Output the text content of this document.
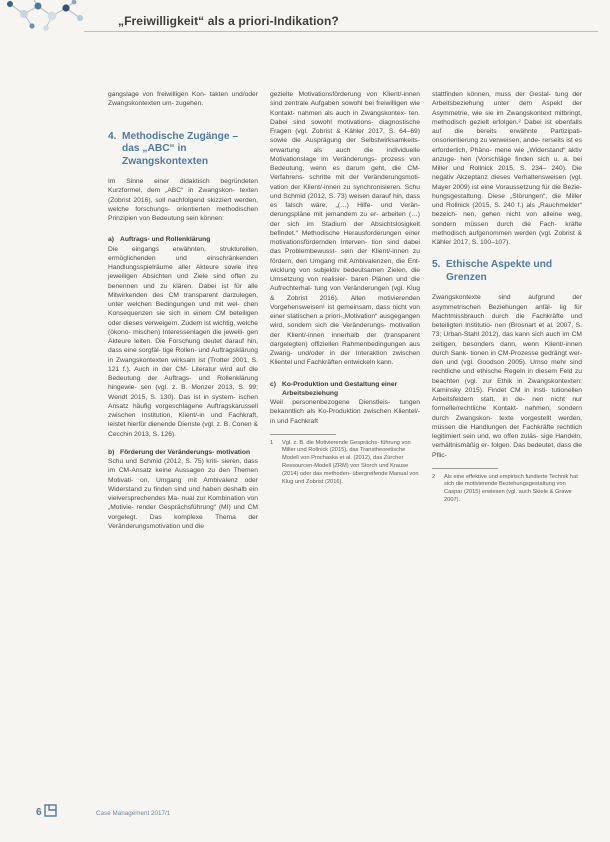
„Freiwilligkeit“ als a priori-Indikation?

gangslage von freiwilligen Kon- takten und/oder Zwangskontexten um- zugehen.

4. Methodische Zugänge – das „ABC“ in Zwangskontexten

Im Sinne einer didaktisch begründeten Kurzformel, dem „ABC“ in Zwangskon- texten (Zobrist 2016), soll nachfolgend skizziert werden, welche forschungs- orientierten methodischen Prinzipien von Bedeutung sein können:

a) Auftrags- und Rollenklärung

Die eingangs erwähnten, strukturellen, ermöglichenden und einschränkenden Handlungsspielräume aller Akteure sowie ihre jeweiligen Absichten und Ziele sind offen zu benennen und zu klären. Dabei ist für alle Mitwirkenden des CM transparent darzulegen, unter welchen Bedingungen und mit wel- chen Konsequenzen sie sich in einem CM beteiligen oder dieses verweigern. Zudem ist wichtig, welche (ökono- mischen) Interessenlagen die jeweili- gen Akteure leiten. Die Forschung deutet darauf hin, dass eine sorgfäl- tige Rollen- und Auftragsklärung in Zwangskontexten wirksam ist (Trotter 2001, S. 121 f.). Auch in der CM- Literatur wird auf die Bedeutung der Auftrags- und Rollenklärung hingewie- sen (vgl. z. B. Monzer 2013, S. 99; Wendt 2015, S. 130). Das ist in system- ischen Ansatz häufig vorgeschlagene Auftragskarussell zwischen Institution, Klient/-in und Fachkraft, leistet hierfür dienende Dienste (vgl. z. B. Conen & Cecchin 2013, S. 126).

b) Förderung der Veränderungs- motivation

Schu und Schmid (2012, S. 75) kriti- sieren, dass im CM-Ansatz keine Aussagen zu den Themen Motivati- on, Umgang mit Ambivalenz oder Widerstand zu finden sind und haben deshalb ein vielversprechendes Ma- nual zur Kombination von „Motivie- render Gesprächsführung“ (MI) und CM vorgelegt. Das komplexe Thema der Veränderungsmotivation und die

gezielte Motivationsförderung von Klient/-innen sind zentrale Aufgaben sowohl bei freiwilligen wie Kontakt- nahmen als auch in Zwangskontex- ten. Dabei sind sowohl motivations- diagnostische Fragen (vgl. Zobrist & Kähler 2017, S. 64–69) sowie die Ausprägung der Selbstwirksamkeits- erwartung als auch die individuelle Motivationslage im Veränderungs- prozess von Bedeutung, wenn es darum geht, die CM-Verfahrens- schritte mit der Veränderungsmoti- vation der Klient/-innen zu synchronisieren. Schu und Schmid (2012, S. 73) weisen darauf hin, dass es falsch wäre, „(…) Hilfe- und Verän- derungspläne mit jemandem zu er- arbeiten (…) der sich im Stadium der Absichtslosigkeit befindet.“ Methodische Herausforderungen einer motivationsfördernden Interven- tion sind dabei das Problembewusst- sein der Klient/-innen zu fördern, den Umgang mit Ambivalenzen, die Ent- wicklung von subjektiv bedeutsamen Zielen, die Umsetzung von realisier- baren Plänen und die Aufrechterhal- tung von Veränderungen (vgl. Klug & Zobrist 2016). Allen motivierenden Vorgehensweisen¹ ist gemeinsam, dass nicht von einer statischen a priori-„Motivation“ ausgegangen wird, sondern sich die Veränderungs- motivation der Klient/-innen innerhalb der (transparent dargelegten) offiziellen Rahmenbedingungen aus Zwang- und/oder in der Interaktion zwischen Klientel und Fachkräften entwickeln kann.

c) Ko-Produktion und Gestaltung einer Arbeitsbeziehung

Weil personenbezogene Dienstleis- tungen bekanntlich als Ko-Produktion zwischen Klientel/-in und Fachkraft

1	Vgl. z. B. die Motivierende Gesprächs- führung von Miller und Rollnick (2015), das Transtheoretische Modell von Prochaska et al. (2012), das Zürcher Ressourcen-Modell (ZRM) von Storch und Krause (2014) oder das methoden- übergreifende Manual von Klug und Zobrist (2016).

stattfinden können, muss der Gestal- tung der Arbeitsbeziehung unter dem Aspekt der Asymmetrie, wie sie im Zwangskontext mitbringt, methodisch gezielt erfolgen.² Dabei ist ebenfalls auf die bereits erwähnte Partizipati- onsorientierung zu verweisen, ande- rerseits ist es erforderlich, Phäno- mene wie „Widerstand“ aktiv anzuge- hen (Vorschläge finden sich u. a. bei Miller und Rollnick 2015, S. 234– 240). Die negativ Akzeptanz dieses Verhaltensweisen (vgl. Mayer 2009) ist eine Voraussetzung für die Bezie- hungsgestaltung. Diese „Störungen“, die Miller und Rollnick (2015, S. 240 f.) als „Rauchmelder“ bezeich- nen, gehen nicht von alleine weg, sondern müssen durch die Fach- kräfte methodisch aufgenommen werden (vgl. Zobrist & Kähler 2017, S. 100–107).

5. Ethische Aspekte und Grenzen

Zwangskontexte sind aufgrund der asymmetrischen Beziehungen anfäl- lig für Machtmissbrauch durch die Fachkräfte und beteiligten Institutio- nen (Brosnart et al. 2007, S. 73; Urban-Stahl 2012), das kann sich auch im CM zeitigen, besonders dann, wenn Klient/-innen durch Sank- tionen in CM-Prozesse gedrängt wer- den und (vgl. Goodson 2005). Umso mehr sind rechtliche und ethische Regeln in diesem Feld zu beachten (vgl. zur Ethik in Zwangskontexten: Kaminsky 2015). Findet CM in insti- tutionellen Arbeitsfeldern statt, in de- nen nicht nur formelle/rechtliche Kontakt- nahmen, sondern durch Zwangskon- texte vorgestellt werden, müssen die Handlungen der Fachkräfte rechtlich legitimiert sein und, wo offen zuläs- sige Handeln, verhältnismäßig er- folgen. Das bedeutet, dass die Pflic-

2	Als eine effektive und empirisch fundierte Technik hat sich die motivierende Beziehungsgestaltung von Caspar (2015) erwiesen (vgl. auch Skiele & Grawe 2007).
6	Case Management 2017/1
